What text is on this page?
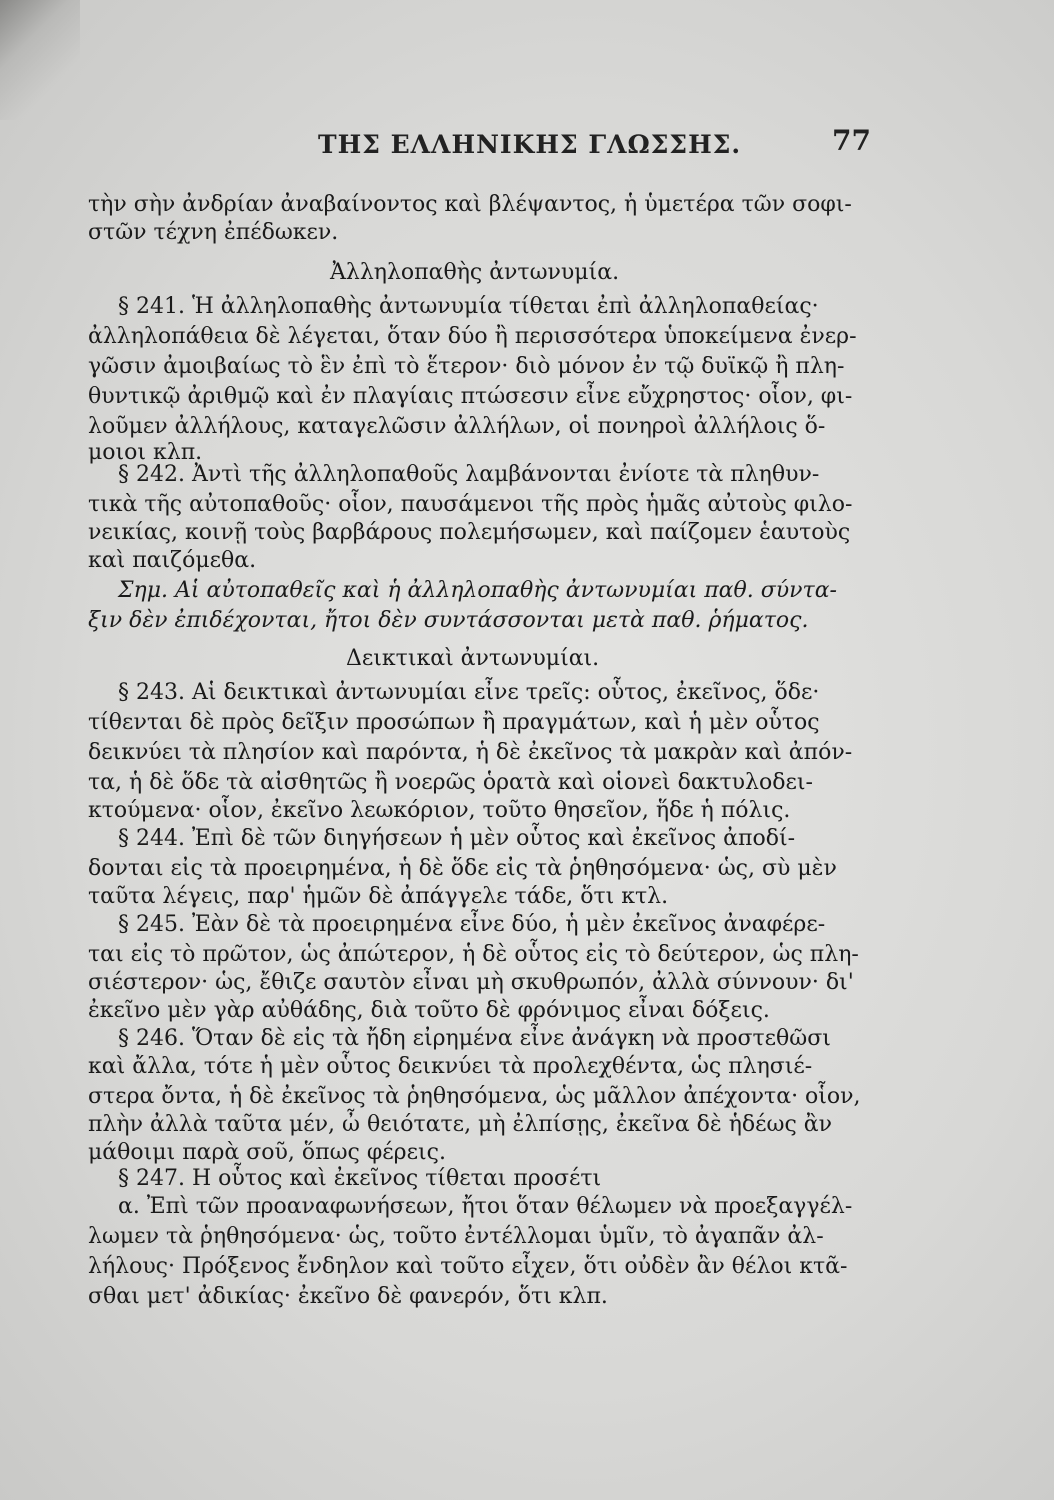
ΤΗΣ ΕΛΛΗΝΙΚΗΣ ΓΛΩΣΣΗΣ.	77
τὴν σὴν ἀνδρίαν ἀναβαίνοντος καὶ βλέψαντος, ἡ ὑμετέρα τῶν σοφι-
στῶν τέχνη ἐπέδωκεν.
Ἀλληλοπαθὴς ἀντωνυμία.
§ 241. Ἡ ἀλληλοπαθὴς ἀντωνυμία τίθεται ἐπὶ ἀλληλοπαθείας·
ἀλληλοπάθεια δὲ λέγεται, ὅταν δύο ἢ περισσότερα ὑποκείμενα ἐνερ-
γῶσιν ἀμοιβαίως τὸ ἓν ἐπὶ τὸ ἕτερον· διὸ μόνον ἐν τῷ δυϊκῷ ἢ πλη-
θυντικῷ ἀριθμῷ καὶ ἐν πλαγίαις πτώσεσιν εἶνε εὔχρηστος· οἷον, φι-
λοῦμεν ἀλλήλους, καταγελῶσιν ἀλλήλων, οἱ πονηροὶ ἀλλήλοις ὅ-
μοιοι κλπ.
§ 242. Ἀντὶ τῆς ἀλληλοπαθοῦς λαμβάνονται ἐνίοτε τὰ πληθυν-
τικὰ τῆς αὐτοπαθοῦς· οἷον, παυσάμενοι τῆς πρὸς ἡμᾶς αὐτοὺς φιλο-
νεικίας, κοινῇ τοὺς βαρβάρους πολεμήσωμεν, καὶ παίζομεν ἑαυτοὺς
καὶ παιζόμεθα.
Σημ. Αἱ αὐτοπαθεῖς καὶ ἡ ἀλληλοπαθὴς ἀντωνυμίαι παθ. σύντα-
ξιν δὲν ἐπιδέχονται, ἤτοι δὲν συντάσσονται μετὰ παθ. ῥήματος.
Δεικτικαὶ ἀντωνυμίαι.
§ 243. Αἱ δεικτικαὶ ἀντωνυμίαι εἶνε τρεῖς: οὗτος, ἐκεῖνος, ὅδε·
τίθενται δὲ πρὸς δεῖξιν προσώπων ἢ πραγμάτων, καὶ ἡ μὲν οὗτος
δεικνύει τὰ πλησίον καὶ παρόντα, ἡ δὲ ἐκεῖνος τὰ μακρὰν καὶ ἀπόν-
τα, ἡ δὲ ὅδε τὰ αἰσθητῶς ἢ νοερῶς ὁρατὰ καὶ οἱονεὶ δακτυλοδει-
κτούμενα· οἷον, ἐκεῖνο λεωκόριον, τοῦτο θησεῖον, ἥδε ἡ πόλις.
§ 244. Ἐπὶ δὲ τῶν διηγήσεων ἡ μὲν οὗτος καὶ ἐκεῖνος ἀποδί-
δονται εἰς τὰ προειρημένα, ἡ δὲ ὅδε εἰς τὰ ῥηθησόμενα· ὡς, σὺ μὲν
ταῦτα λέγεις, παρ' ἡμῶν δὲ ἀπάγγελε τάδε, ὅτι κτλ.
§ 245. Ἐὰν δὲ τὰ προειρημένα εἶνε δύο, ἡ μὲν ἐκεῖνος ἀναφέρε-
ται εἰς τὸ πρῶτον, ὡς ἀπώτερον, ἡ δὲ οὗτος εἰς τὸ δεύτερον, ὡς πλη-
σιέστερον· ὡς, ἔθιζε σαυτὸν εἶναι μὴ σκυθρωπόν, ἀλλὰ σύννουν· δι'
ἐκεῖνο μὲν γὰρ αὐθάδης, διὰ τοῦτο δὲ φρόνιμος εἶναι δόξεις.
§ 246. Ὅταν δὲ εἰς τὰ ἤδη εἰρημένα εἶνε ἀνάγκη νὰ προστεθῶσι
καὶ ἄλλα, τότε ἡ μὲν οὗτος δεικνύει τὰ προλεχθέντα, ὡς πλησιέ-
στερα ὄντα, ἡ δὲ ἐκεῖνος τὰ ῥηθησόμενα, ὡς μᾶλλον ἀπέχοντα· οἷον,
πλὴν ἀλλὰ ταῦτα μέν, ὦ θειότατε, μὴ ἐλπίσῃς, ἐκεῖνα δὲ ἡδέως ἂν
μάθοιμι παρὰ σοῦ, ὅπως φέρεις.
§ 247. Η οὗτος καὶ ἐκεῖνος τίθεται προσέτι
α. Ἐπὶ τῶν προαναφωνήσεων, ἤτοι ὅταν θέλωμεν νὰ προεξαγγέλ-
λωμεν τὰ ῥηθησόμενα· ὡς, τοῦτο ἐντέλλομαι ὑμῖν, τὸ ἀγαπᾶν ἀλ-
λήλους· Πρόξενος ἔνδηλον καὶ τοῦτο εἶχεν, ὅτι οὐδὲν ἂν θέλοι κτᾶ-
σθαι μετ' ἀδικίας· ἐκεῖνο δὲ φανερόν, ὅτι κλπ.
